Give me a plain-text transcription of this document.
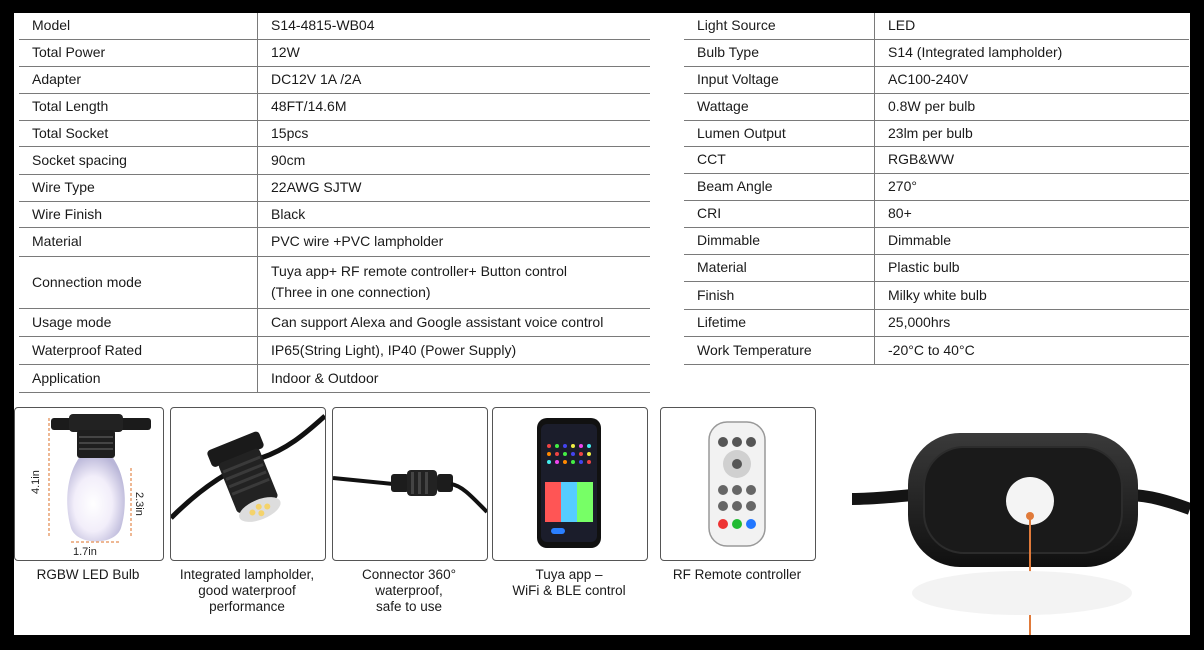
Model	S14-4815-WB04
Total Power	12W
Adapter	DC12V 1A /2A
Total Length	48FT/14.6M
Total Socket	15pcs
Socket spacing	90cm
Wire Type	22AWG SJTW
Wire Finish	Black
Material	PVC wire +PVC lampholder
Connection mode	Tuya app+ RF remote controller+ Button control
(Three in one connection)
Usage mode	Can support Alexa and Google assistant voice control
Waterproof Rated	IP65(String Light), IP40 (Power Supply)
Application	Indoor & Outdoor
Light Source	LED
Bulb Type	S14 (Integrated lampholder)
Input Voltage	AC100-240V
Wattage	0.8W per bulb
Lumen Output	23lm per bulb
CCT	RGB&WW
Beam Angle	270°
CRI	80+
Dimmable	Dimmable
Material	Plastic bulb
Finish	Milky white bulb
Lifetime	25,000hrs
Work Temperature	-20°C to 40°C
4.1in
2.3in
1.7in
RGBW LED Bulb	Integrated lampholder,
good waterproof
performance
Connector 360°
waterproof,
safe to use
Tuya app –
WiFi & BLE control
RF Remote controller
